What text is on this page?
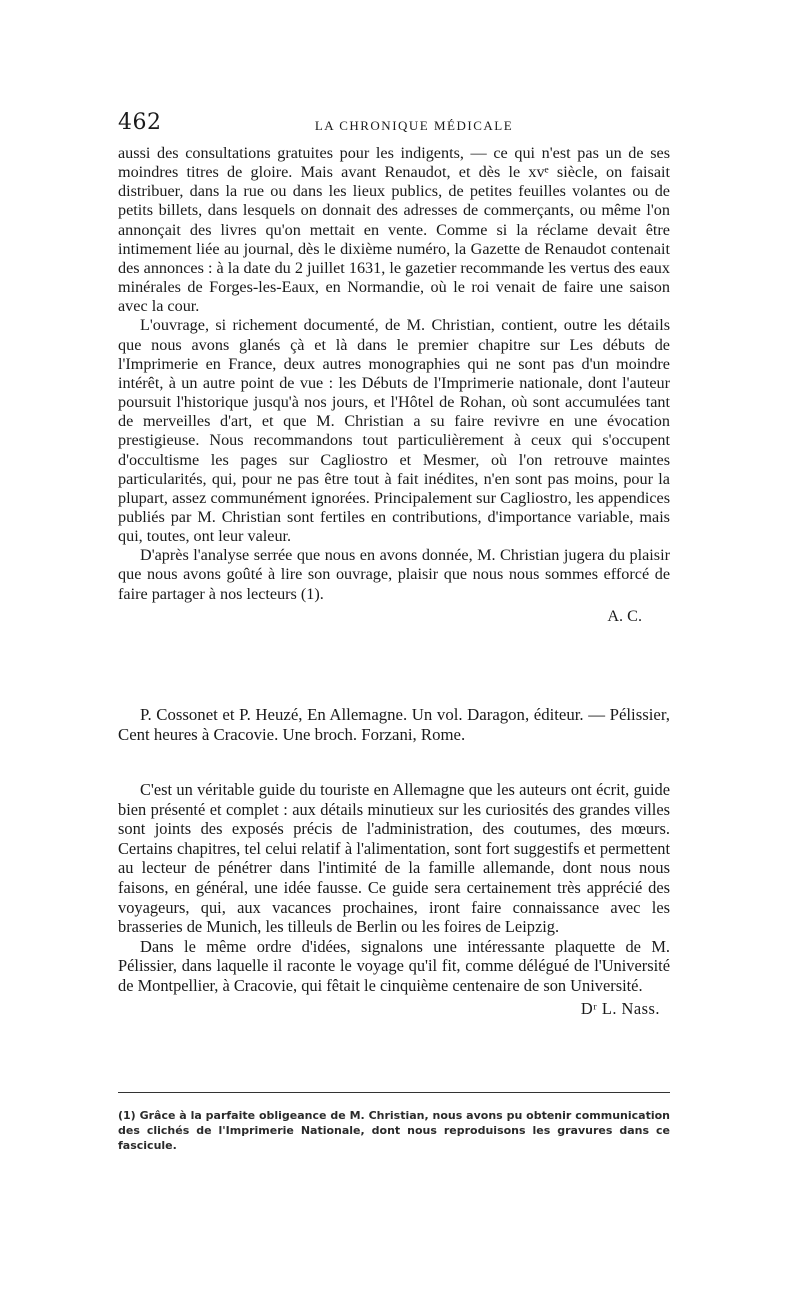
462	LA CHRONIQUE MÉDICALE

aussi des consultations gratuites pour les indigents, — ce qui n'est pas un de ses moindres titres de gloire. Mais avant Renaudot, et dès le xvᵉ siècle, on faisait distribuer, dans la rue ou dans les lieux publics, de petites feuilles volantes ou de petits billets, dans lesquels on donnait des adresses de commerçants, ou même l'on annonçait des livres qu'on mettait en vente. Comme si la réclame devait être intimement liée au journal, dès le dixième numéro, la Gazette de Renaudot contenait des annonces : à la date du 2 juillet 1631, le gazetier recommande les vertus des eaux minérales de Forges-les-Eaux, en Normandie, où le roi venait de faire une saison avec la cour.

L'ouvrage, si richement documenté, de M. Christian, contient, outre les détails que nous avons glanés çà et là dans le premier chapitre sur Les débuts de l'Imprimerie en France, deux autres monographies qui ne sont pas d'un moindre intérêt, à un autre point de vue : les Débuts de l'Imprimerie nationale, dont l'auteur poursuit l'historique jusqu'à nos jours, et l'Hôtel de Rohan, où sont accumulées tant de merveilles d'art, et que M. Christian a su faire revivre en une évocation prestigieuse. Nous recommandons tout particulièrement à ceux qui s'occupent d'occultisme les pages sur Cagliostro et Mesmer, où l'on retrouve maintes particularités, qui, pour ne pas être tout à fait inédites, n'en sont pas moins, pour la plupart, assez communément ignorées. Principalement sur Cagliostro, les appendices publiés par M. Christian sont fertiles en contributions, d'importance variable, mais qui, toutes, ont leur valeur.

D'après l'analyse serrée que nous en avons donnée, M. Christian jugera du plaisir que nous avons goûté à lire son ouvrage, plaisir que nous nous sommes efforcé de faire partager à nos lecteurs (1).

A. C.

P. Cossonet et P. Heuzé, En Allemagne. Un vol. Daragon, éditeur. — Pélissier, Cent heures à Cracovie. Une broch. Forzani, Rome.

C'est un véritable guide du touriste en Allemagne que les auteurs ont écrit, guide bien présenté et complet : aux détails minutieux sur les curiosités des grandes villes sont joints des exposés précis de l'administration, des coutumes, des mœurs. Certains chapitres, tel celui relatif à l'alimentation, sont fort suggestifs et permettent au lecteur de pénétrer dans l'intimité de la famille allemande, dont nous nous faisons, en général, une idée fausse. Ce guide sera certainement très apprécié des voyageurs, qui, aux vacances prochaines, iront faire connaissance avec les brasseries de Munich, les tilleuls de Berlin ou les foires de Leipzig.

Dans le même ordre d'idées, signalons une intéressante plaquette de M. Pélissier, dans laquelle il raconte le voyage qu'il fit, comme délégué de l'Université de Montpellier, à Cracovie, qui fêtait le cinquième centenaire de son Université.

Dʳ L. Nass.

(1) Grâce à la parfaite obligeance de M. Christian, nous avons pu obtenir communication des clichés de l'Imprimerie Nationale, dont nous reproduisons les gravures dans ce fascicule.
